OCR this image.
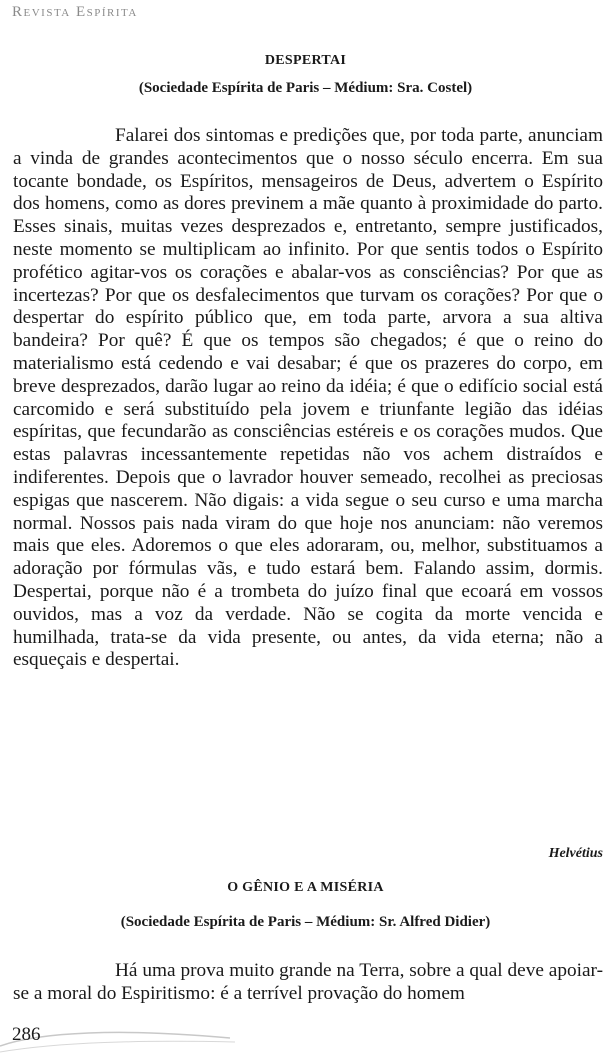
Revista Espírita
DESPERTAI
(Sociedade Espírita de Paris – Médium: Sra. Costel)

Falarei dos sintomas e predições que, por toda parte, anunciam a vinda de grandes acontecimentos que o nosso século encerra. Em sua tocante bondade, os Espíritos, mensageiros de Deus, advertem o Espírito dos homens, como as dores previnem a mãe quanto à proximidade do parto. Esses sinais, muitas vezes desprezados e, entretanto, sempre justificados, neste momento se multiplicam ao infinito. Por que sentis todos o Espírito profético agitar-vos os corações e abalar-vos as consciências? Por que as incertezas? Por que os desfalecimentos que turvam os corações? Por que o despertar do espírito público que, em toda parte, arvora a sua altiva bandeira? Por quê? É que os tempos são chegados; é que o reino do materialismo está cedendo e vai desabar; é que os prazeres do corpo, em breve desprezados, darão lugar ao reino da idéia; é que o edifício social está carcomido e será substituído pela jovem e triunfante legião das idéias espíritas, que fecundarão as consciências estéreis e os corações mudos. Que estas palavras incessantemente repetidas não vos achem distraídos e indiferentes. Depois que o lavrador houver semeado, recolhei as preciosas espigas que nascerem. Não digais: a vida segue o seu curso e uma marcha normal. Nossos pais nada viram do que hoje nos anunciam: não veremos mais que eles. Adoremos o que eles adoraram, ou, melhor, substituamos a adoração por fórmulas vãs, e tudo estará bem. Falando assim, dormis. Despertai, porque não é a trombeta do juízo final que ecoará em vossos ouvidos, mas a voz da verdade. Não se cogita da morte vencida e humilhada, trata-se da vida presente, ou antes, da vida eterna; não a esqueçais e despertai.

Helvétius
O GÊNIO E A MISÉRIA
(Sociedade Espírita de Paris – Médium: Sr. Alfred Didier)

Há uma prova muito grande na Terra, sobre a qual deve apoiar-se a moral do Espiritismo: é a terrível provação do homem

286
